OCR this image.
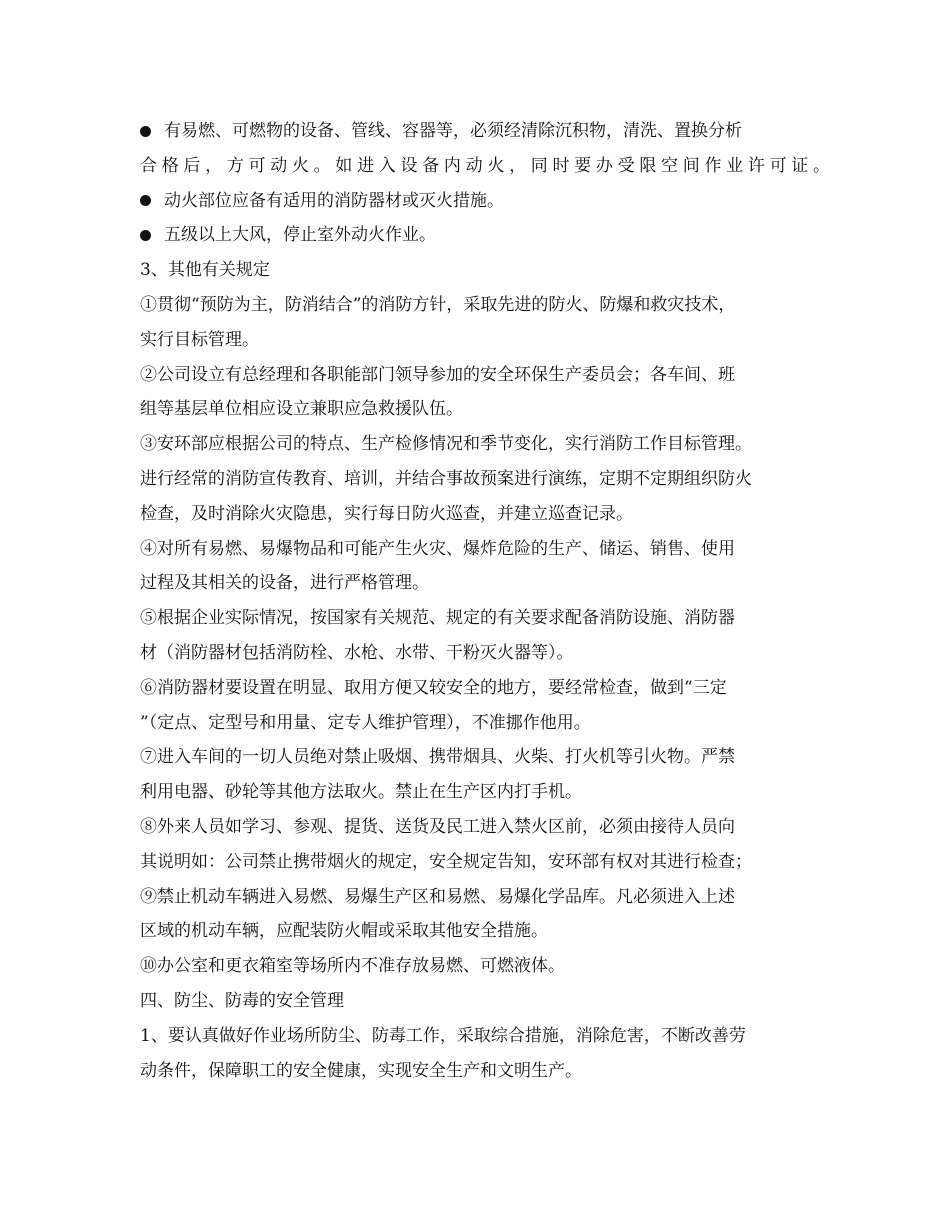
有易燃、可燃物的设备、管线、容器等，必须经清除沉积物，清洗、置换分析
合格后，方可动火。如进入设备内动火，同时要办受限空间作业许可证。
动火部位应备有适用的消防器材或灭火措施。
五级以上大风，停止室外动火作业。
3、其他有关规定
①贯彻“预防为主，防消结合”的消防方针，采取先进的防火、防爆和救灾技术，
实行目标管理。
②公司设立有总经理和各职能部门领导参加的安全环保生产委员会；各车间、班
组等基层单位相应设立兼职应急救援队伍。
③安环部应根据公司的特点、生产检修情况和季节变化，实行消防工作目标管理。
进行经常的消防宣传教育、培训，并结合事故预案进行演练，定期不定期组织防火
检查，及时消除火灾隐患，实行每日防火巡查，并建立巡查记录。
④对所有易燃、易爆物品和可能产生火灾、爆炸危险的生产、储运、销售、使用
过程及其相关的设备，进行严格管理。
⑤根据企业实际情况，按国家有关规范、规定的有关要求配备消防设施、消防器
材（消防器材包括消防栓、水枪、水带、干粉灭火器等）。
⑥消防器材要设置在明显、取用方便又较安全的地方，要经常检查，做到“三定
”（定点、定型号和用量、定专人维护管理），不准挪作他用。
⑦进入车间的一切人员绝对禁止吸烟、携带烟具、火柴、打火机等引火物。严禁
利用电器、砂轮等其他方法取火。禁止在生产区内打手机。
⑧外来人员如学习、参观、提货、送货及民工进入禁火区前，必须由接待人员向
其说明如：公司禁止携带烟火的规定，安全规定告知，安环部有权对其进行检查；
⑨禁止机动车辆进入易燃、易爆生产区和易燃、易爆化学品库。凡必须进入上述
区域的机动车辆，应配装防火帽或采取其他安全措施。
⑩办公室和更衣箱室等场所内不准存放易燃、可燃液体。
四、防尘、防毒的安全管理
1、要认真做好作业场所防尘、防毒工作，采取综合措施，消除危害，不断改善劳
动条件，保障职工的安全健康，实现安全生产和文明生产。
